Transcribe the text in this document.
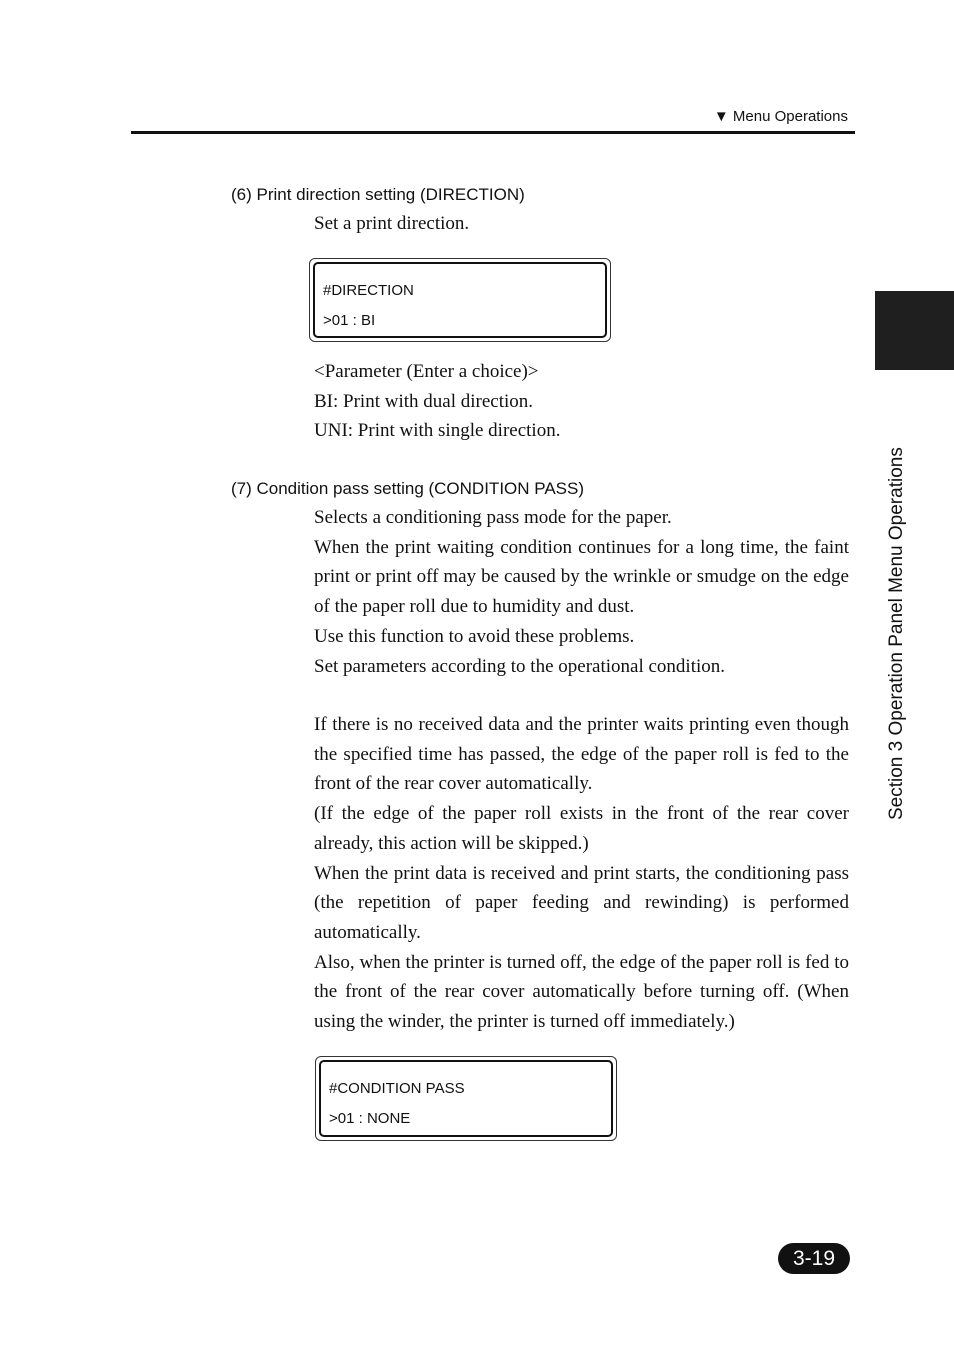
▼ Menu Operations
Section 3 Operation Panel Menu Operations
(6) Print direction setting (DIRECTION)

Set a print direction.

#DIRECTION
>01 : BI

<Parameter (Enter a choice)>

BI: Print with dual direction.

UNI: Print with single direction.

(7) Condition pass setting (CONDITION PASS)

Selects a conditioning pass mode for the paper.

When the print waiting condition continues for a long time, the faint print or print off may be caused by the wrinkle or smudge on the edge of the paper roll due to humidity and dust.

Use this function to avoid these problems.

Set parameters according to the operational condition.

If there is no received data and the printer waits printing even though the specified time has passed, the edge of the paper roll is fed to the front of the rear cover automatically.

(If the edge of the paper roll exists in the front of the rear cover already, this action will be skipped.)

When the print data is received and print starts, the conditioning pass (the repetition of paper feeding and rewinding) is performed automatically.

Also, when the printer is turned off, the edge of the paper roll is fed to the front of the rear cover automatically before turning off. (When using the winder, the printer is turned off immediately.)

#CONDITION PASS
>01 : NONE
3-19
